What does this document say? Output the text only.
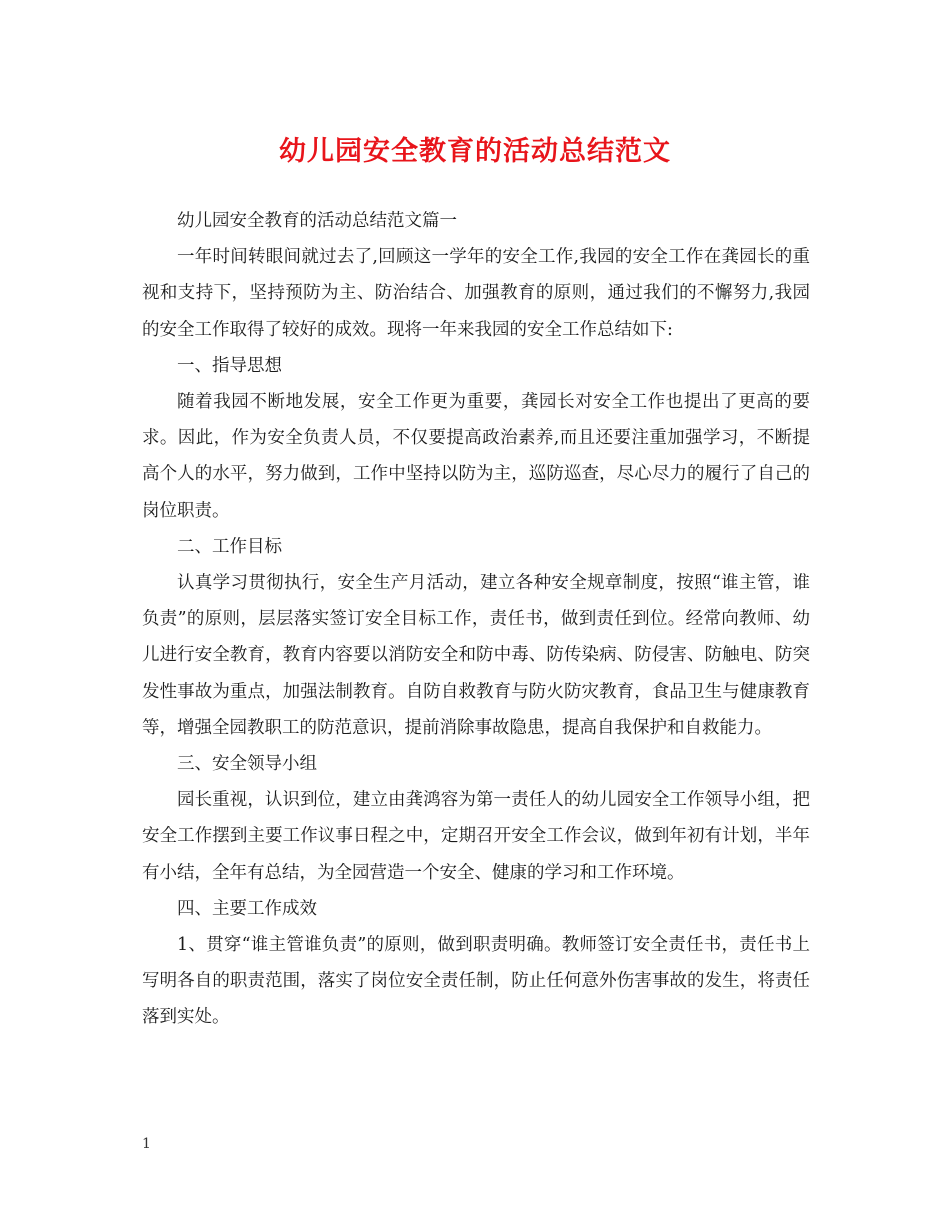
幼儿园安全教育的活动总结范文

幼儿园安全教育的活动总结范文篇一

一年时间转眼间就过去了,回顾这一学年的安全工作,我园的安全工作在龚园长的重视和支持下，坚持预防为主、防治结合、加强教育的原则，通过我们的不懈努力,我园的安全工作取得了较好的成效。现将一年来我园的安全工作总结如下:

一、指导思想

随着我园不断地发展，安全工作更为重要，龚园长对安全工作也提出了更高的要求。因此，作为安全负责人员，不仅要提高政治素养,而且还要注重加强学习，不断提高个人的水平，努力做到，工作中坚持以防为主，巡防巡查，尽心尽力的履行了自己的岗位职责。

二、工作目标

认真学习贯彻执行，安全生产月活动，建立各种安全规章制度，按照“谁主管，谁负责”的原则，层层落实签订安全目标工作，责任书，做到责任到位。经常向教师、幼儿进行安全教育，教育内容要以消防安全和防中毒、防传染病、防侵害、防触电、防突发性事故为重点，加强法制教育。自防自救教育与防火防灾教育，食品卫生与健康教育等，增强全园教职工的防范意识，提前消除事故隐患，提高自我保护和自救能力。

三、安全领导小组

园长重视，认识到位，建立由龚鸿容为第一责任人的幼儿园安全工作领导小组，把安全工作摆到主要工作议事日程之中，定期召开安全工作会议，做到年初有计划，半年有小结，全年有总结，为全园营造一个安全、健康的学习和工作环境。

四、主要工作成效

1、贯穿“谁主管谁负责”的原则，做到职责明确。教师签订安全责任书，责任书上写明各自的职责范围，落实了岗位安全责任制，防止任何意外伤害事故的发生，将责任落到实处。

1
